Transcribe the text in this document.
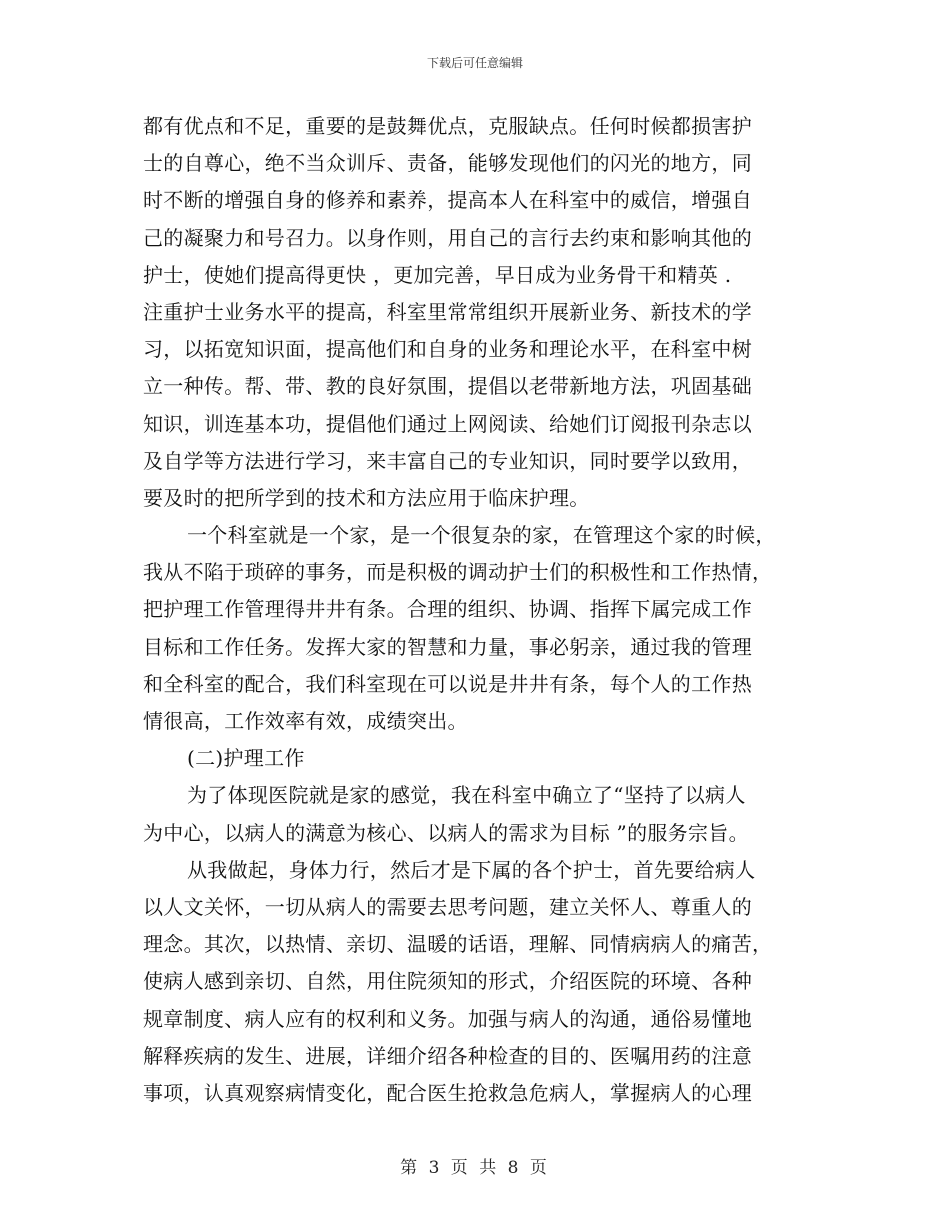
下载后可任意编辑
都有优点和不足，重要的是鼓舞优点，克服缺点。任何时候都损害护
士的自尊心，绝不当众训斥、责备，能够发现他们的闪光的地方，同
时不断的增强自身的修养和素养，提高本人在科室中的威信，增强自
己的凝聚力和号召力。以身作则，用自己的言行去约束和影响其他的
护士，使她们提高得更快 ，更加完善，早日成为业务骨干和精英 .
注重护士业务水平的提高，科室里常常组织开展新业务、新技术的学
习，以拓宽知识面，提高他们和自身的业务和理论水平，在科室中树
立一种传。帮、带、教的良好氛围，提倡以老带新地方法，巩固基础
知识，训连基本功，提倡他们通过上网阅读、给她们订阅报刊杂志以
及自学等方法进行学习，来丰富自己的专业知识，同时要学以致用，
要及时的把所学到的技术和方法应用于临床护理。
一个科室就是一个家，是一个很复杂的家，在管理这个家的时候，
我从不陷于琐碎的事务，而是积极的调动护士们的积极性和工作热情，
把护理工作管理得井井有条。合理的组织、协调、指挥下属完成工作
目标和工作任务。发挥大家的智慧和力量，事必躬亲，通过我的管理
和全科室的配合，我们科室现在可以说是井井有条，每个人的工作热
情很高，工作效率有效，成绩突出。
(二)护理工作
为了体现医院就是家的感觉，我在科室中确立了“坚持了以病人
为中心，以病人的满意为核心、以病人的需求为目标 ”的服务宗旨。
从我做起，身体力行，然后才是下属的各个护士，首先要给病人
以人文关怀，一切从病人的需要去思考问题，建立关怀人、尊重人的
理念。其次，以热情、亲切、温暖的话语，理解、同情病病人的痛苦，
使病人感到亲切、自然，用住院须知的形式，介绍医院的环境、各种
规章制度、病人应有的权利和义务。加强与病人的沟通，通俗易懂地
解释疾病的发生、进展，详细介绍各种检查的目的、医嘱用药的注意
事项，认真观察病情变化，配合医生抢救急危病人，掌握病人的心理
第 3 页 共 8 页
